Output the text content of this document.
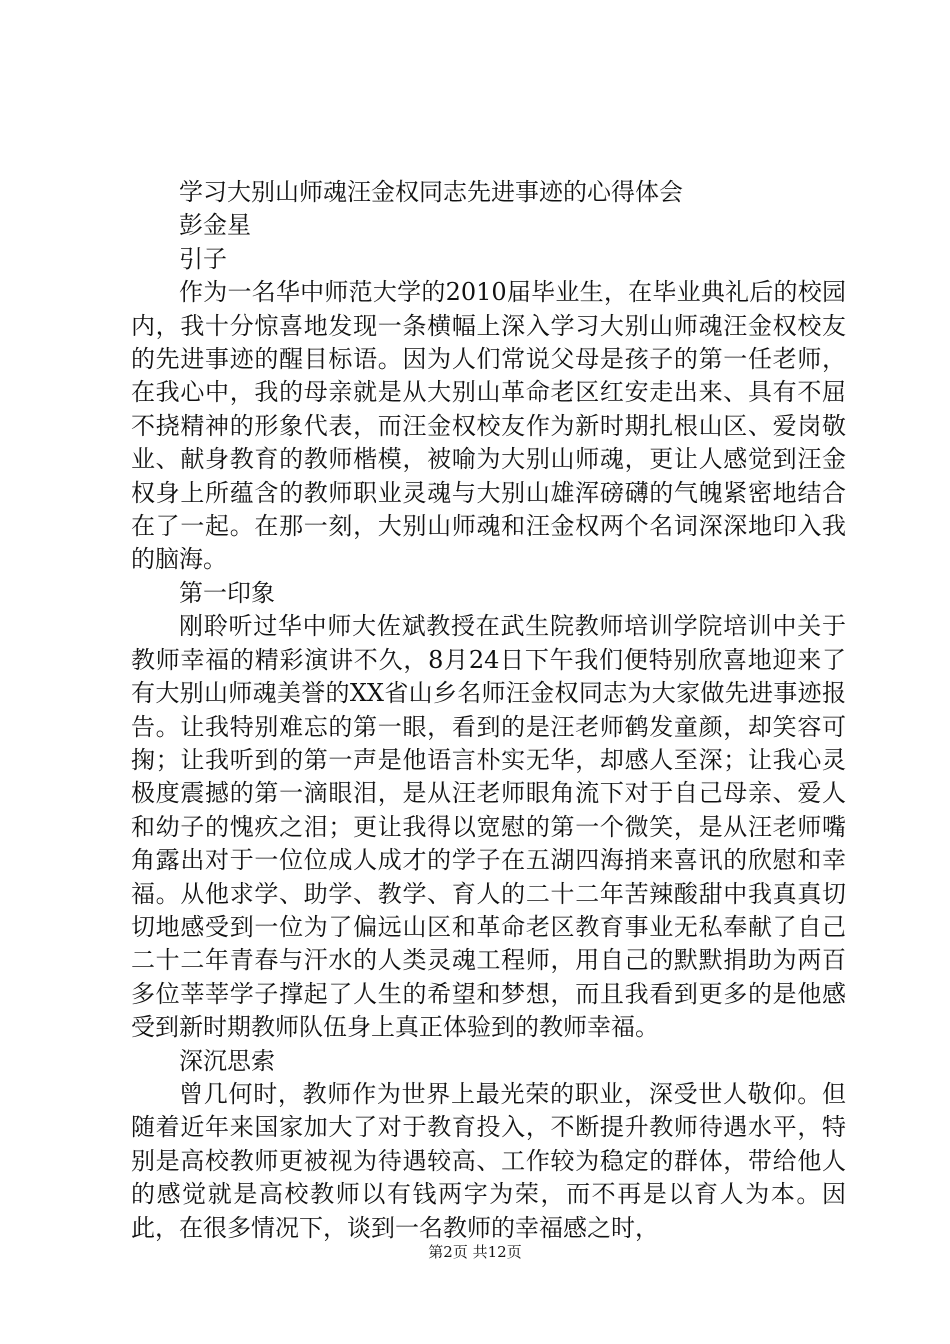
学习大别山师魂汪金权同志先进事迹的心得体会

彭金星

引子

作为一名华中师范大学的2010届毕业生，在毕业典礼后的校园内，我十分惊喜地发现一条横幅上深入学习大别山师魂汪金权校友的先进事迹的醒目标语。因为人们常说父母是孩子的第一任老师，在我心中，我的母亲就是从大别山革命老区红安走出来、具有不屈不挠精神的形象代表，而汪金权校友作为新时期扎根山区、爱岗敬业、献身教育的教师楷模，被喻为大别山师魂，更让人感觉到汪金权身上所蕴含的教师职业灵魂与大别山雄浑磅礴的气魄紧密地结合在了一起。在那一刻，大别山师魂和汪金权两个名词深深地印入我的脑海。

第一印象

刚聆听过华中师大佐斌教授在武生院教师培训学院培训中关于教师幸福的精彩演讲不久，8月24日下午我们便特别欣喜地迎来了有大别山师魂美誉的XX省山乡名师汪金权同志为大家做先进事迹报告。让我特别难忘的第一眼，看到的是汪老师鹤发童颜，却笑容可掬；让我听到的第一声是他语言朴实无华，却感人至深；让我心灵极度震撼的第一滴眼泪，是从汪老师眼角流下对于自己母亲、爱人和幼子的愧疚之泪；更让我得以宽慰的第一个微笑，是从汪老师嘴角露出对于一位位成人成才的学子在五湖四海捎来喜讯的欣慰和幸福。从他求学、助学、教学、育人的二十二年苦辣酸甜中我真真切切地感受到一位为了偏远山区和革命老区教育事业无私奉献了自己二十二年青春与汗水的人类灵魂工程师，用自己的默默捐助为两百多位莘莘学子撑起了人生的希望和梦想，而且我看到更多的是他感受到新时期教师队伍身上真正体验到的教师幸福。

深沉思索

曾几何时，教师作为世界上最光荣的职业，深受世人敬仰。但随着近年来国家加大了对于教育投入，不断提升教师待遇水平，特别是高校教师更被视为待遇较高、工作较为稳定的群体，带给他人的感觉就是高校教师以有钱两字为荣，而不再是以育人为本。因此，在很多情况下，谈到一名教师的幸福感之时，

第2页 共12页
